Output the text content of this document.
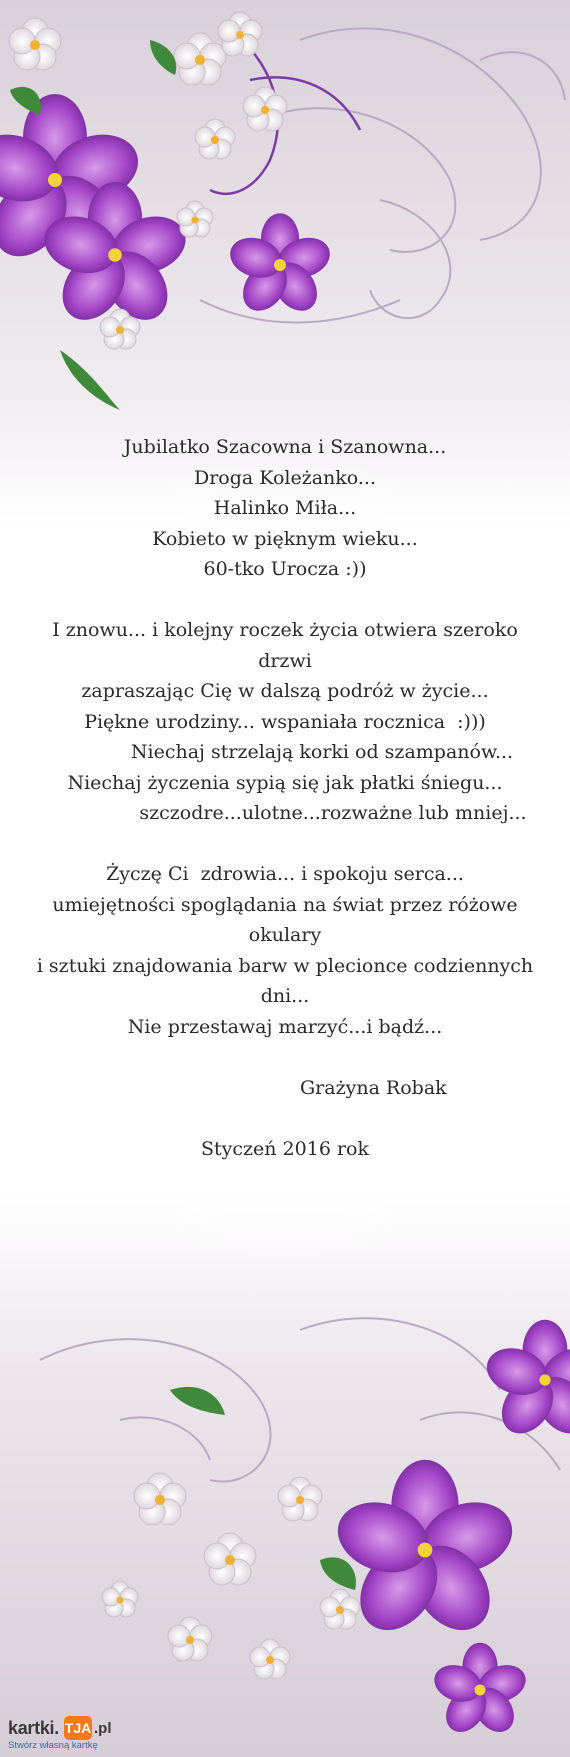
Jubilatko Szacowna i Szanowna...
Droga Koleżanko...
Halinko Miła...
Kobieto w pięknym wieku...
60-tko Urocza :))
I znowu... i kolejny roczek życia otwiera szeroko drzwi
zapraszając Cię w dalszą podróż w życie...
Piękne urodziny... wspaniała rocznica  :)))
Niechaj strzelają korki od szampanów...
Niechaj życzenia sypią się jak płatki śniegu...
szczodre...ulotne...rozważne lub mniej...
Życzę Ci  zdrowia... i spokoju serca...
umiejętności spoglądania na świat przez różowe okulary
i sztuki znajdowania barw w plecionce codziennych dni...
Nie przestawaj marzyć...i bądź...
Grażyna Robak
Styczeń 2016 rok
kartki. TJA .pl
Stwórz własną kartkę
